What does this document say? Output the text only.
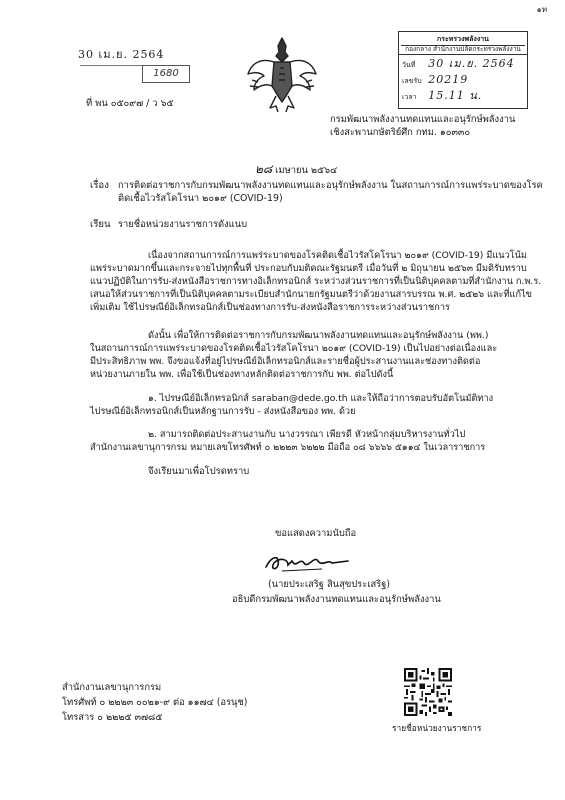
๑ท
30 เม.ย. 2564
1680
ที่ พน ๐๕๐๙๗ / ว ๖๕
กระทรวงพลังงาน
กองกลาง สำนักงานปลัดกระทรวงพลังงาน
วันที่ 30 เม.ย. 2564
เลขรับ 20219
เวลา 15.11 น.
กรมพัฒนาพลังงานทดแทนและอนุรักษ์พลังงาน
เชิงสะพานกษัตริย์ศึก กทม. ๑๐๓๓๐
๒๘ เมษายน ๒๕๖๔
เรื่อง การติดต่อราชการกับกรมพัฒนาพลังงานทดแทนและอนุรักษ์พลังงาน ในสถานการณ์การแพร่ระบาดของโรค
ติดเชื้อไวรัสโคโรนา ๒๐๑๙ (COVID-19)
เรียน รายชื่อหน่วยงานราชการดังแนบ
เนื่องจากสถานการณ์การแพร่ระบาดของโรคติดเชื้อไวรัสโคโรนา ๒๐๑๙ (COVID-19) มีแนวโน้ม
แพร่ระบาดมากขึ้นและกระจายไปทุกพื้นที่ ประกอบกับมติคณะรัฐมนตรี เมื่อวันที่ ๒ มิถุนายน ๒๕๖๓ มีมติรับทราบ
แนวปฏิบัติในการรับ-ส่งหนังสือราชการทางอิเล็กทรอนิกส์ ระหว่างส่วนราชการที่เป็นนิติบุคคลตามที่สำนักงาน ก.พ.ร.
เสนอให้ส่วนราชการที่เป็นนิติบุคคลตามระเบียบสำนักนายกรัฐมนตรีว่าด้วยงานสารบรรณ พ.ศ. ๒๕๒๖ และที่แก้ไข
เพิ่มเติม ใช้ไปรษณีย์อิเล็กทรอนิกส์เป็นช่องทางการรับ-ส่งหนังสือราชการระหว่างส่วนราชการ
ดังนั้น เพื่อให้การติดต่อราชการกับกรมพัฒนาพลังงานทดแทนและอนุรักษ์พลังงาน (พพ.)
ในสถานการณ์การแพร่ระบาดของโรคติดเชื้อไวรัสโคโรนา ๒๐๑๙ (COVID-19) เป็นไปอย่างต่อเนื่องและ
มีประสิทธิภาพ พพ. จึงขอแจ้งที่อยู่ไปรษณีย์อิเล็กทรอนิกส์และรายชื่อผู้ประสานงานและช่องทางติดต่อ
หน่วยงานภายใน พพ. เพื่อใช้เป็นช่องทางหลักติดต่อราชการกับ พพ. ต่อไปดังนี้
๑. ไปรษณีย์อิเล็กทรอนิกส์ saraban@dede.go.th และให้ถือว่าการตอบรับอัตโนมัติทาง
ไปรษณีย์อิเล็กทรอนิกส์เป็นหลักฐานการรับ - ส่งหนังสือของ พพ. ด้วย
๒. สามารถติดต่อประสานงานกับ นางวรรณา เพียรดี หัวหน้ากลุ่มบริหารงานทั่วไป
สำนักงานเลขานุการกรม หมายเลขโทรศัพท์ ๐ ๒๒๒๓ ๖๒๒๒ มือถือ ๐๘ ๖๖๖๖ ๕๑๑๔ ในเวลาราชการ
จึงเรียนมาเพื่อโปรดทราบ
ขอแสดงความนับถือ
(นายประเสริฐ สินสุขประเสริฐ)
อธิบดีกรมพัฒนาพลังงานทดแทนและอนุรักษ์พลังงาน
สำนักงานเลขานุการกรม
โทรศัพท์ ๐ ๒๒๒๓ ๐๐๒๑-๙ ต่อ ๑๑๗๔ (อรนุช)
โทรสาร ๐ ๒๒๒๕ ๓๗๘๕
รายชื่อหน่วยงานราชการ
